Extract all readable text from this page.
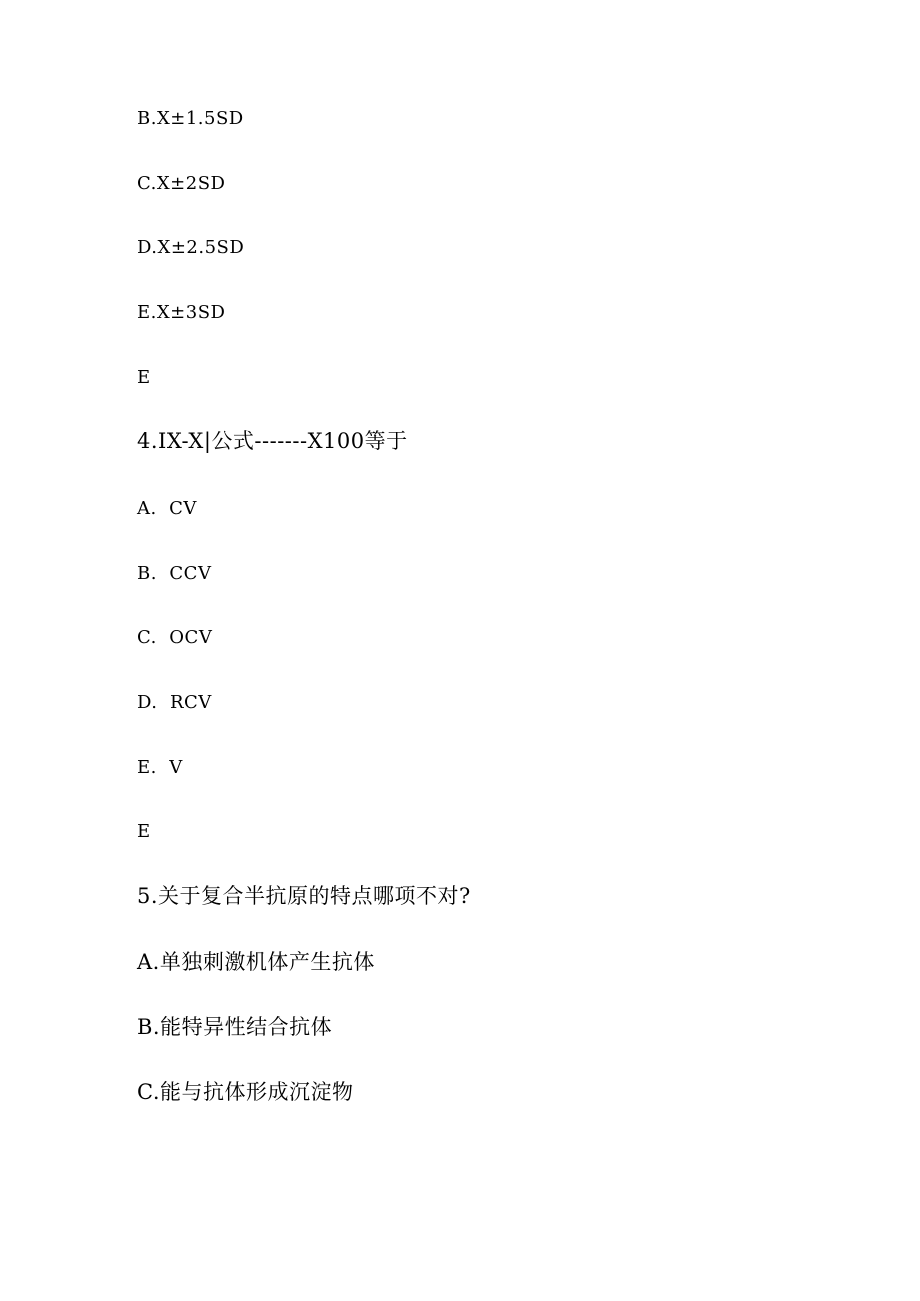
B.X±1.5SD
C.X±2SD
D.X±2.5SD
E.X±3SD
E
4.IX-X|公式-------X100等于
A.  CV
B.  CCV
C.  OCV
D.  RCV
E.  V
E
5.关于复合半抗原的特点哪项不对?
A.单独刺激机体产生抗体
B.能特异性结合抗体
C.能与抗体形成沉淀物
